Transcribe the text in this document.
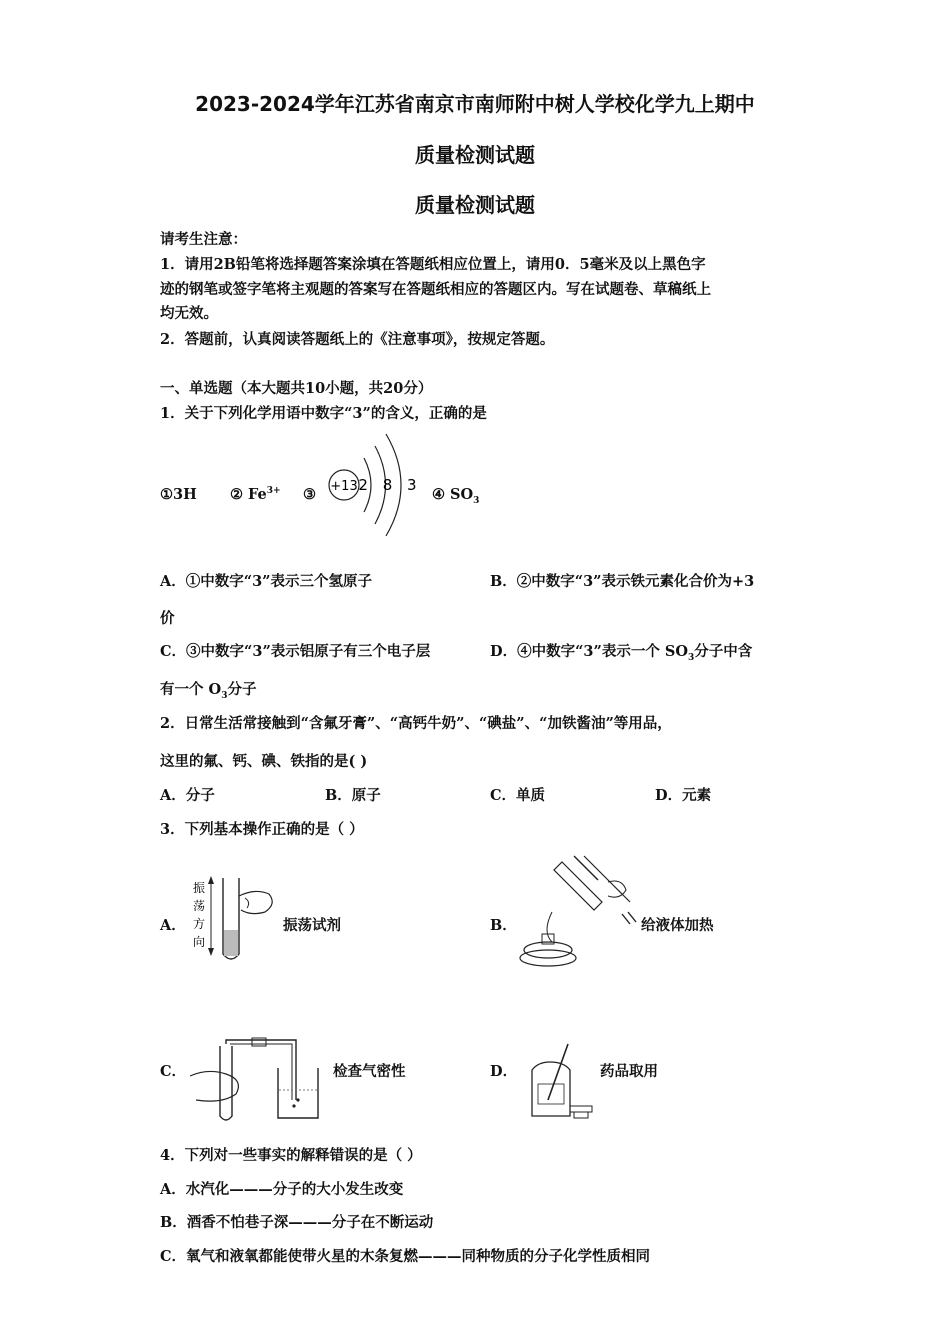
2023-2024学年江苏省南京市南师附中树人学校化学九上期中
质量检测试题
质量检测试题
请考生注意：
1．请用2B铅笔将选择题答案涂填在答题纸相应位置上，请用0．5毫米及以上黑色字
迹的钢笔或签字笔将主观题的答案写在答题纸相应的答题区内。写在试题卷、草稿纸上
均无效。
2．答题前，认真阅读答题纸上的《注意事项》，按规定答题。
一、单选题（本大题共10小题，共20分）
1．关于下列化学用语中数字“3”的含义，正确的是
①3H ② $Fe^{3+}$ ③ +13 2 8 3
④ $SO_3$
A．①中数字“3”表示三个氢原子	B．②中数字“3”表示铁元素化合价为+3
价
C．③中数字“3”表示铝原子有三个电子层	D．④中数字“3”表示一个 $SO_3$分子中含
有一个 $O_3$分子
2．日常生活常接触到“含氟牙膏”、“高钙牛奶”、“碘盐”、“加铁酱油”等用品，
这里的氟、钙、碘、铁指的是( )
A．分子	B．原子	C．单质	D．元素
3．下列基本操作正确的是（ ）
A．
振
荡
方
向
振荡试剂	B．	给液体加热
C．	检查气密性	D．	药品取用
4．下列对一些事实的解释错误的是（ ）
A．水汽化———分子的大小发生改变
B．酒香不怕巷子深———分子在不断运动
C．氧气和液氧都能使带火星的木条复燃———同种物质的分子化学性质相同
